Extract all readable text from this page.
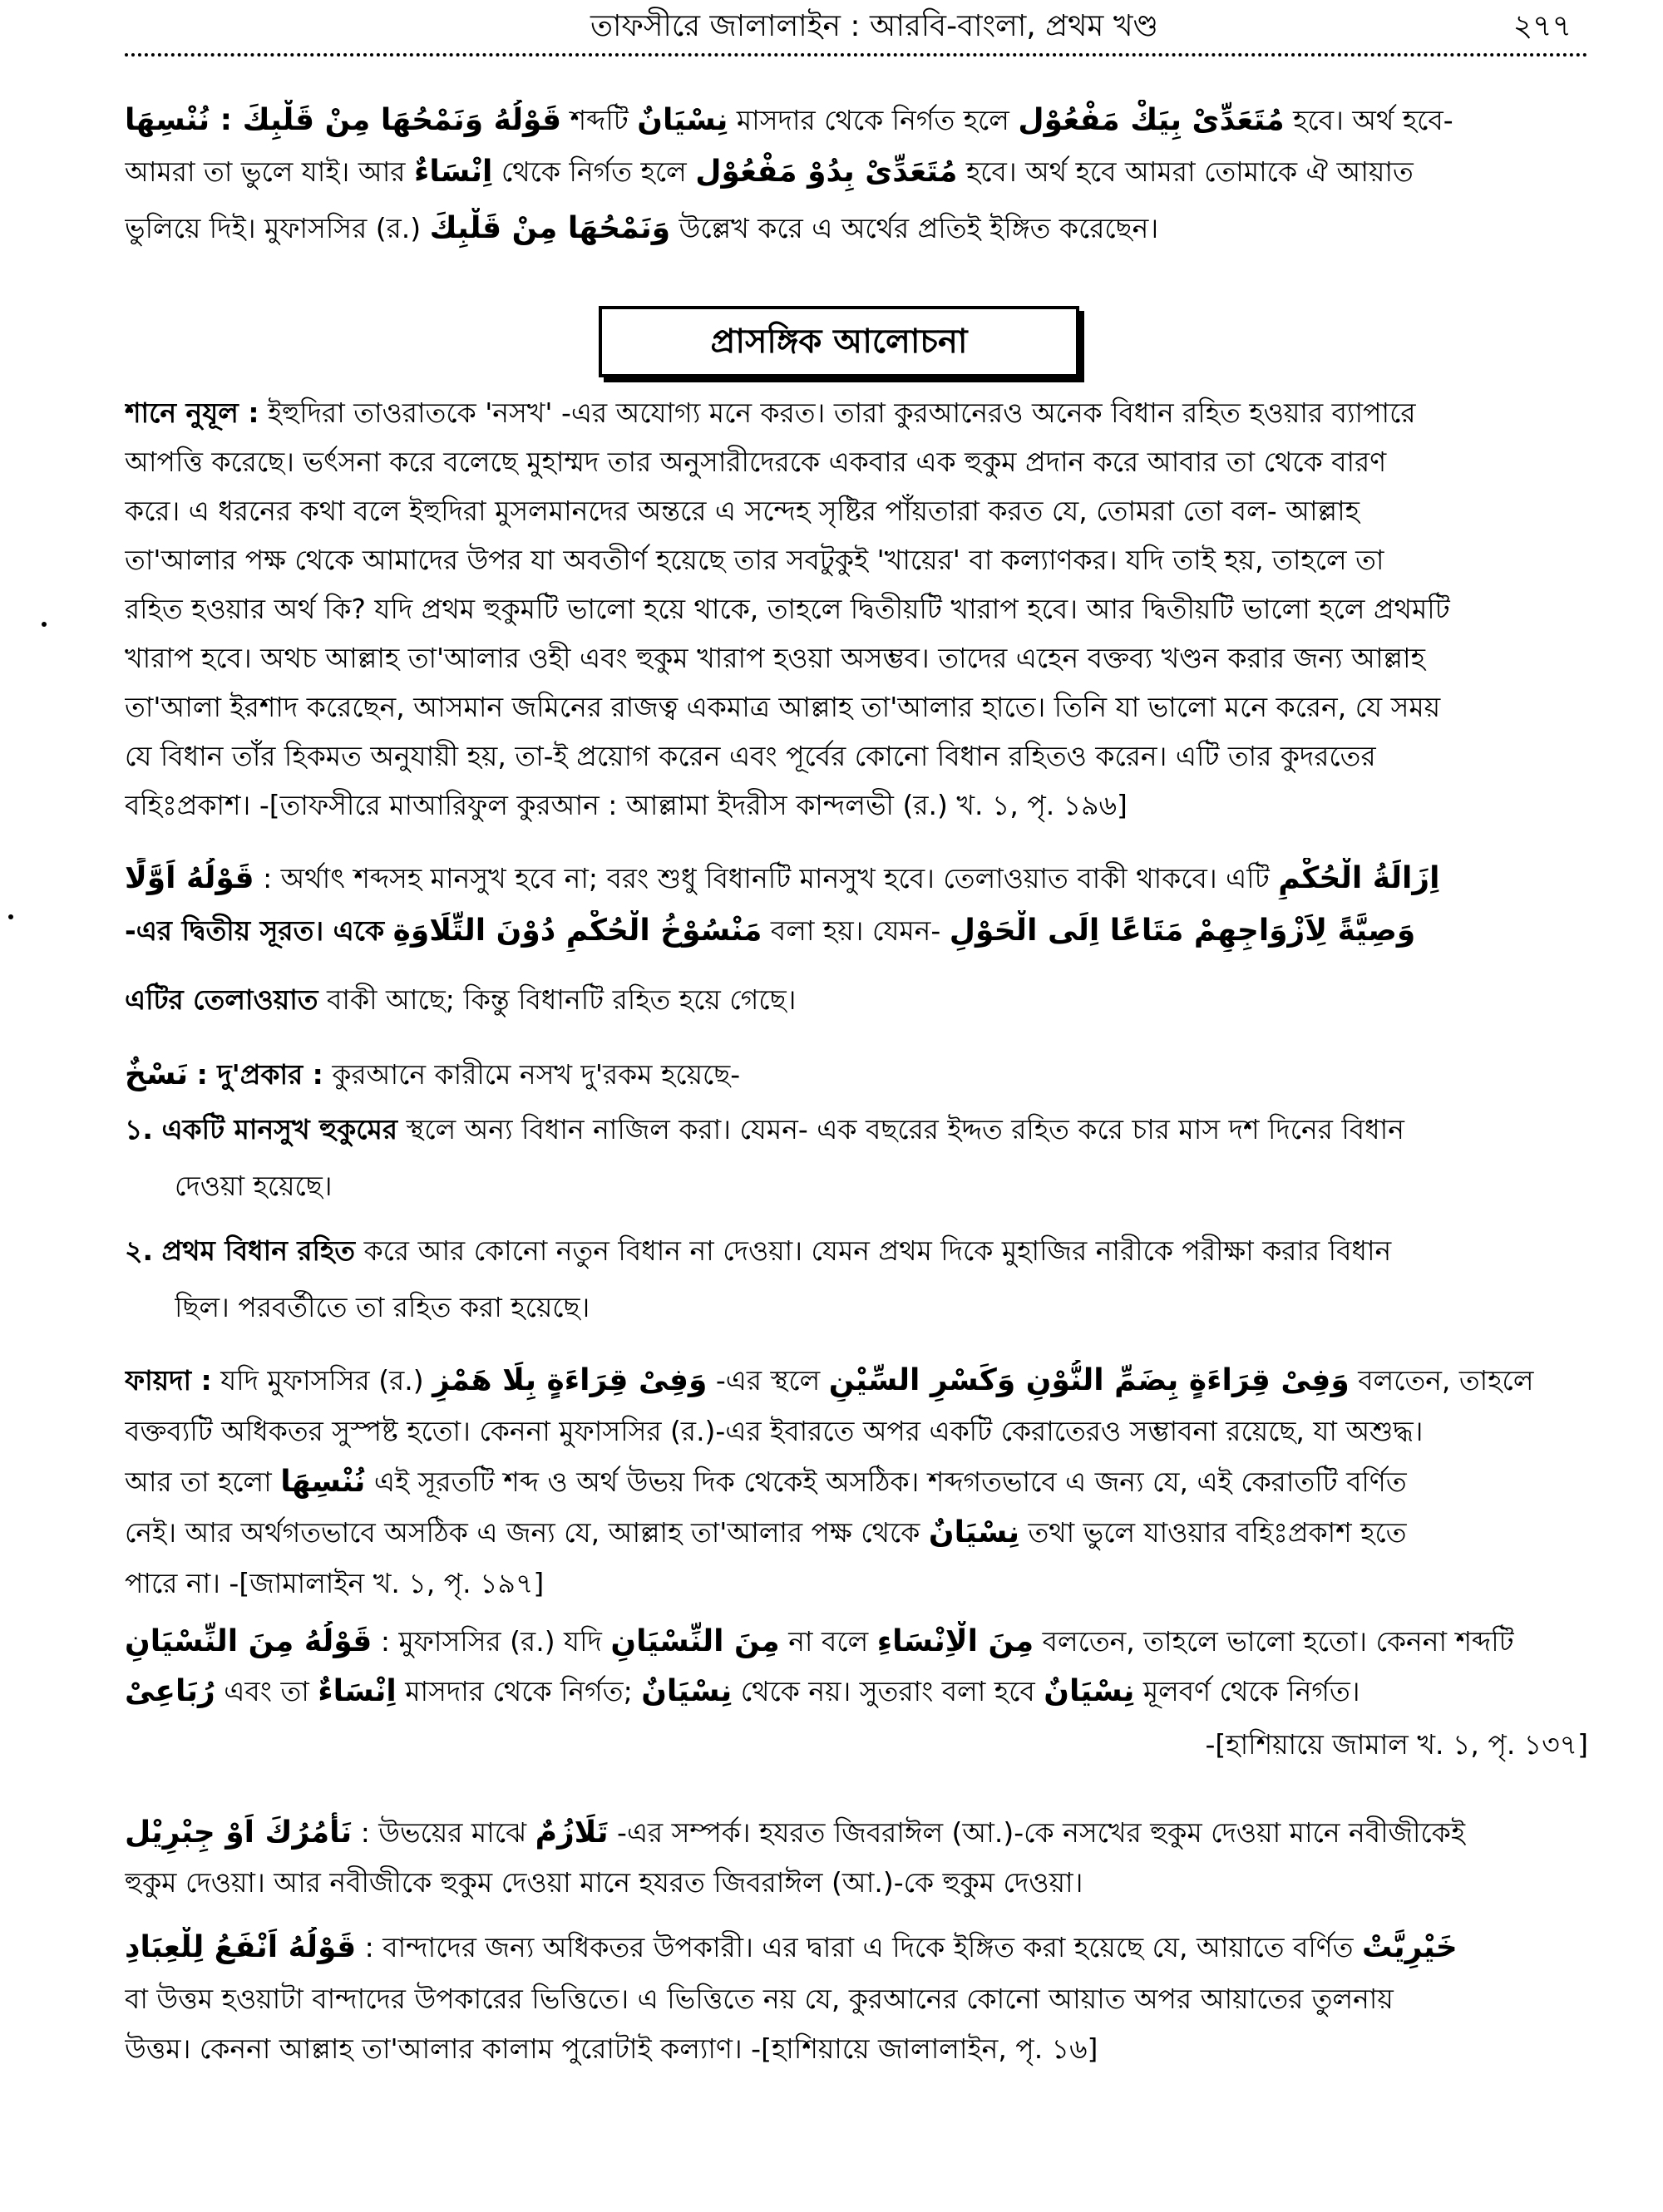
তাফসীরে জালালাইন : আরবি-বাংলা, প্রথম খণ্ড	২৭৭
قَوْلُهُ وَنَمْحُهَا مِنْ قَلْبِكَ : نُنْسِهَا শব্দটি نِسْيَانٌ মাসদার থেকে নির্গত হলে مُتَعَدِّىْ بِيَكْ مَفْعُوْل হবে। অর্থ হবে-
আমরা তা ভুলে যাই। আর اِنْسَاءٌ থেকে নির্গত হলে مُتَعَدِّىْ بِدُوْ مَفْعُوْل হবে। অর্থ হবে আমরা তোমাকে ঐ আয়াত
ভুলিয়ে দিই। মুফাসসির (র.) وَنَمْحُهَا مِنْ قَلْبِكَ উল্লেখ করে এ অর্থের প্রতিই ইঙ্গিত করেছেন।
প্রাসঙ্গিক আলোচনা
শানে নুযূল : ইহুদিরা তাওরাতকে 'নসখ' -এর অযোগ্য মনে করত। তারা কুরআনেরও অনেক বিধান রহিত হওয়ার ব্যাপারে
আপত্তি করেছে। ভর্ৎসনা করে বলেছে মুহাম্মদ তার অনুসারীদেরকে একবার এক হুকুম প্রদান করে আবার তা থেকে বারণ
করে। এ ধরনের কথা বলে ইহুদিরা মুসলমানদের অন্তরে এ সন্দেহ সৃষ্টির পাঁয়তারা করত যে, তোমরা তো বল- আল্লাহ
তা'আলার পক্ষ থেকে আমাদের উপর যা অবতীর্ণ হয়েছে তার সবটুকুই 'খায়ের' বা কল্যাণকর। যদি তাই হয়, তাহলে তা
রহিত হওয়ার অর্থ কি? যদি প্রথম হুকুমটি ভালো হয়ে থাকে, তাহলে দ্বিতীয়টি খারাপ হবে। আর দ্বিতীয়টি ভালো হলে প্রথমটি
খারাপ হবে। অথচ আল্লাহ তা'আলার ওহী এবং হুকুম খারাপ হওয়া অসম্ভব। তাদের এহেন বক্তব্য খণ্ডন করার জন্য আল্লাহ
তা'আলা ইরশাদ করেছেন, আসমান জমিনের রাজত্ব একমাত্র আল্লাহ তা'আলার হাতে। তিনি যা ভালো মনে করেন, যে সময়
যে বিধান তাঁর হিকমত অনুযায়ী হয়, তা-ই প্রয়োগ করেন এবং পূর্বের কোনো বিধান রহিতও করেন। এটি তার কুদরতের
বহিঃপ্রকাশ। -[তাফসীরে মাআরিফুল কুরআন : আল্লামা ইদরীস কান্দলভী (র.) খ. ১, পৃ. ১৯৬]
قَوْلُهُ اَوَّلًا : অর্থাৎ শব্দসহ মানসুখ হবে না; বরং শুধু বিধানটি মানসুখ হবে। তেলাওয়াত বাকী থাকবে। এটি اِزَالَةُ الْحُكْمِ
-এর দ্বিতীয় সূরত। একে مَنْسُوْخُ الْحُكْمِ دُوْنَ التِّلَاوَةِ বলা হয়। যেমন- وَصِيَّةً لِاَزْوَاجِهِمْ مَتَاعًا اِلَى الْحَوْلِ
এটির তেলাওয়াত বাকী আছে; কিন্তু বিধানটি রহিত হয়ে গেছে।
نَسْخٌ : দু'প্রকার : কুরআনে কারীমে নসখ দু'রকম হয়েছে-
১. একটি মানসুখ হুকুমের স্থলে অন্য বিধান নাজিল করা। যেমন- এক বছরের ইদ্দত রহিত করে চার মাস দশ দিনের বিধান
দেওয়া হয়েছে।
২. প্রথম বিধান রহিত করে আর কোনো নতুন বিধান না দেওয়া। যেমন প্রথম দিকে মুহাজির নারীকে পরীক্ষা করার বিধান
ছিল। পরবর্তীতে তা রহিত করা হয়েছে।
ফায়দা : যদি মুফাসসির (র.) وَفِىْ قِرَاءَةٍ بِلَا هَمْزٍ -এর স্থলে وَفِىْ قِرَاءَةٍ بِضَمِّ النُّوْنِ وَكَسْرِ السِّيْنِ বলতেন, তাহলে
বক্তব্যটি অধিকতর সুস্পষ্ট হতো। কেননা মুফাসসির (র.)-এর ইবারতে অপর একটি কেরাতেরও সম্ভাবনা রয়েছে, যা অশুদ্ধ।
আর তা হলো نُنْسِهَا এই সূরতটি শব্দ ও অর্থ উভয় দিক থেকেই অসঠিক। শব্দগতভাবে এ জন্য যে, এই কেরাতটি বর্ণিত
নেই। আর অর্থগতভাবে অসঠিক এ জন্য যে, আল্লাহ তা'আলার পক্ষ থেকে نِسْيَانٌ তথা ভুলে যাওয়ার বহিঃপ্রকাশ হতে
পারে না। -[জামালাইন খ. ১, পৃ. ১৯৭]
قَوْلُهُ مِنَ النِّسْيَانِ : মুফাসসির (র.) যদি مِنَ النِّسْيَانِ না বলে مِنَ الْاِنْسَاءِ বলতেন, তাহলে ভালো হতো। কেননা শব্দটি
رُبَاعِىْ এবং তা اِنْسَاءٌ মাসদার থেকে নির্গত; نِسْيَانٌ থেকে নয়। সুতরাং বলা হবে نِسْيَانٌ মূলবর্ণ থেকে নির্গত।
-[হাশিয়ায়ে জামাল খ. ১, পৃ. ১৩৭]
نَأْمُرُكَ اَوْ جِبْرِيْل : উভয়ের মাঝে تَلَازُمٌ -এর সম্পর্ক। হযরত জিবরাঈল (আ.)-কে নসখের হুকুম দেওয়া মানে নবীজীকেই
হুকুম দেওয়া। আর নবীজীকে হুকুম দেওয়া মানে হযরত জিবরাঈল (আ.)-কে হুকুম দেওয়া।
قَوْلُهُ اَنْفَعُ لِلْعِبَادِ : বান্দাদের জন্য অধিকতর উপকারী। এর দ্বারা এ দিকে ইঙ্গিত করা হয়েছে যে, আয়াতে বর্ণিত خَيْرِيَّتْ
বা উত্তম হওয়াটা বান্দাদের উপকারের ভিত্তিতে। এ ভিত্তিতে নয় যে, কুরআনের কোনো আয়াত অপর আয়াতের তুলনায়
উত্তম। কেননা আল্লাহ তা'আলার কালাম পুরোটাই কল্যাণ। -[হাশিয়ায়ে জালালাইন, পৃ. ১৬]
